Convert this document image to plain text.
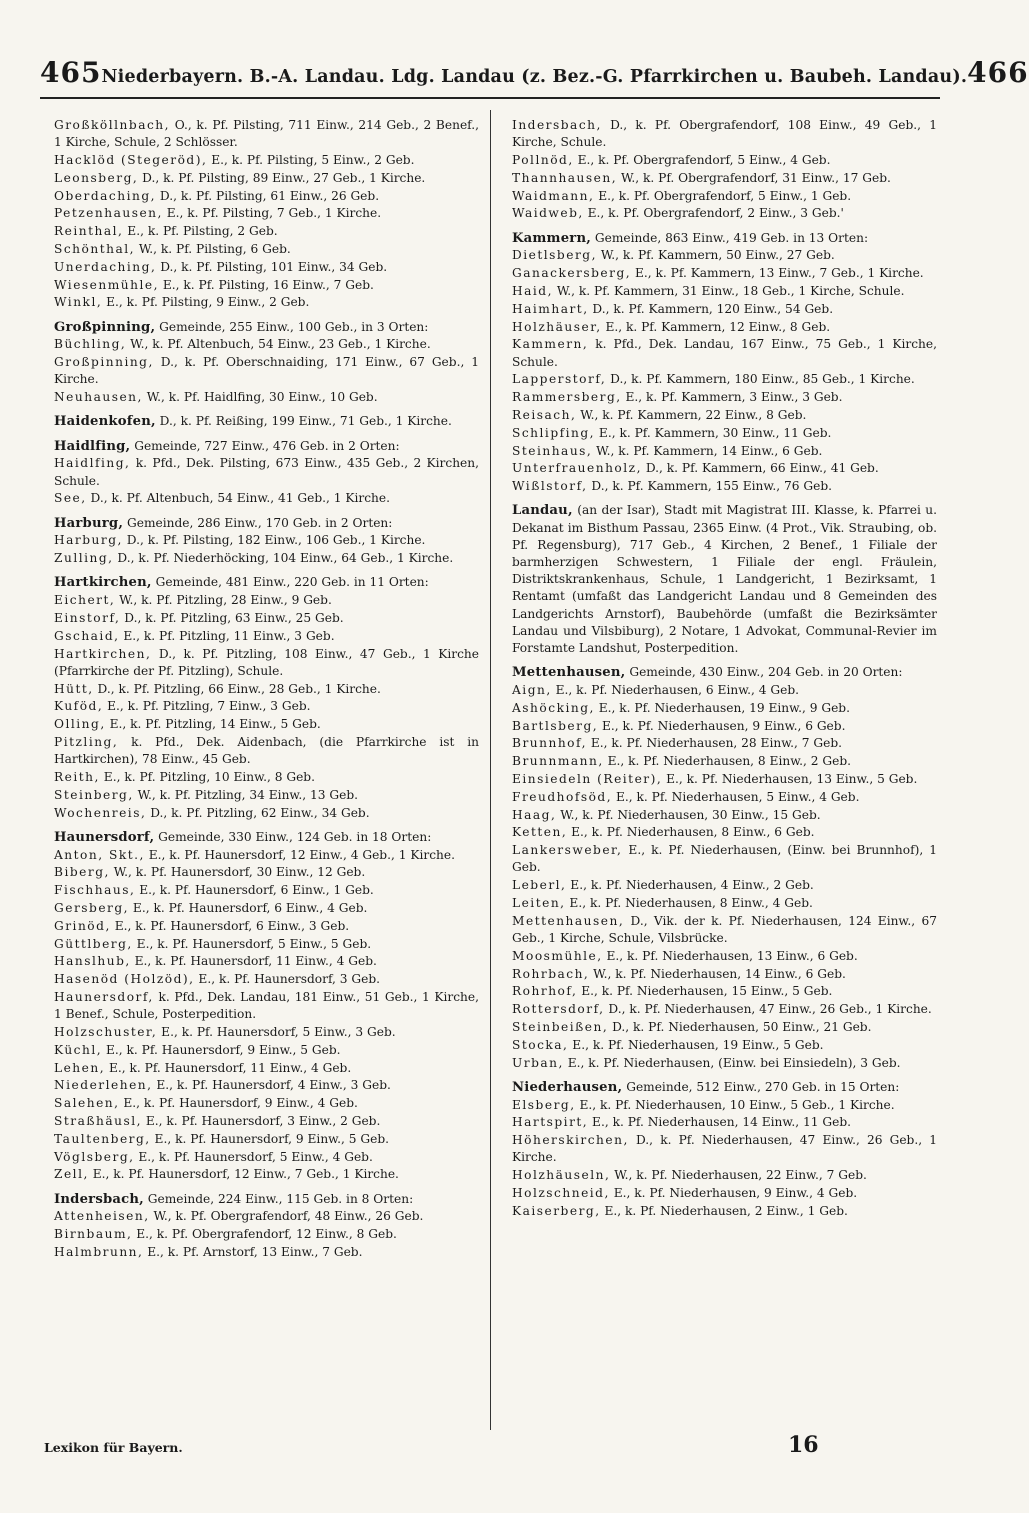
465 Niederbayern. B.-A. Landau. Ldg. Landau (z. Bez.-G. Pfarrkirchen u. Baubeh. Landau). 466

Großköllnbach, O., k. Pf. Pilsting, 711 Einw., 214 Geb., 2 Benef., 1 Kirche, Schule, 2 Schlösser.

Hacklöd (Stegeröd), E., k. Pf. Pilsting, 5 Einw., 2 Geb.

Leonsberg, D., k. Pf. Pilsting, 89 Einw., 27 Geb., 1 Kirche.

Oberdaching, D., k. Pf. Pilsting, 61 Einw., 26 Geb.

Petzenhausen, E., k. Pf. Pilsting, 7 Geb., 1 Kirche.

Reinthal, E., k. Pf. Pilsting, 2 Geb.

Schönthal, W., k. Pf. Pilsting, 6 Geb.

Unerdaching, D., k. Pf. Pilsting, 101 Einw., 34 Geb.

Wiesenmühle, E., k. Pf. Pilsting, 16 Einw., 7 Geb.

Winkl, E., k. Pf. Pilsting, 9 Einw., 2 Geb.

Großpinning, Gemeinde, 255 Einw., 100 Geb., in 3 Orten:

Büchling, W., k. Pf. Altenbuch, 54 Einw., 23 Geb., 1 Kirche.

Großpinning, D., k. Pf. Oberschnaiding, 171 Einw., 67 Geb., 1 Kirche.

Neuhausen, W., k. Pf. Haidlfing, 30 Einw., 10 Geb.

Haidenkofen, D., k. Pf. Reißing, 199 Einw., 71 Geb., 1 Kirche.

Haidlfing, Gemeinde, 727 Einw., 476 Geb. in 2 Orten:

Haidlfing, k. Pfd., Dek. Pilsting, 673 Einw., 435 Geb., 2 Kirchen, Schule.

See, D., k. Pf. Altenbuch, 54 Einw., 41 Geb., 1 Kirche.

Harburg, Gemeinde, 286 Einw., 170 Geb. in 2 Orten:

Harburg, D., k. Pf. Pilsting, 182 Einw., 106 Geb., 1 Kirche.

Zulling, D., k. Pf. Niederhöcking, 104 Einw., 64 Geb., 1 Kirche.

Hartkirchen, Gemeinde, 481 Einw., 220 Geb. in 11 Orten:

Eichert, W., k. Pf. Pitzling, 28 Einw., 9 Geb.

Einstorf, D., k. Pf. Pitzling, 63 Einw., 25 Geb.

Gschaid, E., k. Pf. Pitzling, 11 Einw., 3 Geb.

Hartkirchen, D., k. Pf. Pitzling, 108 Einw., 47 Geb., 1 Kirche (Pfarrkirche der Pf. Pitzling), Schule.

Hütt, D., k. Pf. Pitzling, 66 Einw., 28 Geb., 1 Kirche.

Kuföd, E., k. Pf. Pitzling, 7 Einw., 3 Geb.

Olling, E., k. Pf. Pitzling, 14 Einw., 5 Geb.

Pitzling, k. Pfd., Dek. Aidenbach, (die Pfarrkirche ist in Hartkirchen), 78 Einw., 45 Geb.

Reith, E., k. Pf. Pitzling, 10 Einw., 8 Geb.

Steinberg, W., k. Pf. Pitzling, 34 Einw., 13 Geb.

Wochenreis, D., k. Pf. Pitzling, 62 Einw., 34 Geb.

Haunersdorf, Gemeinde, 330 Einw., 124 Geb. in 18 Orten:

Anton, Skt., E., k. Pf. Haunersdorf, 12 Einw., 4 Geb., 1 Kirche.

Biberg, W., k. Pf. Haunersdorf, 30 Einw., 12 Geb.

Fischhaus, E., k. Pf. Haunersdorf, 6 Einw., 1 Geb.

Gersberg, E., k. Pf. Haunersdorf, 6 Einw., 4 Geb.

Grinöd, E., k. Pf. Haunersdorf, 6 Einw., 3 Geb.

Güttlberg, E., k. Pf. Haunersdorf, 5 Einw., 5 Geb.

Hanslhub, E., k. Pf. Haunersdorf, 11 Einw., 4 Geb.

Hasenöd (Holzöd), E., k. Pf. Haunersdorf, 3 Geb.

Haunersdorf, k. Pfd., Dek. Landau, 181 Einw., 51 Geb., 1 Kirche, 1 Benef., Schule, Posterpedition.

Holzschuster, E., k. Pf. Haunersdorf, 5 Einw., 3 Geb.

Küchl, E., k. Pf. Haunersdorf, 9 Einw., 5 Geb.

Lehen, E., k. Pf. Haunersdorf, 11 Einw., 4 Geb.

Niederlehen, E., k. Pf. Haunersdorf, 4 Einw., 3 Geb.

Salehen, E., k. Pf. Haunersdorf, 9 Einw., 4 Geb.

Straßhäusl, E., k. Pf. Haunersdorf, 3 Einw., 2 Geb.

Taultenberg, E., k. Pf. Haunersdorf, 9 Einw., 5 Geb.

Vöglsberg, E., k. Pf. Haunersdorf, 5 Einw., 4 Geb.

Zell, E., k. Pf. Haunersdorf, 12 Einw., 7 Geb., 1 Kirche.

Indersbach, Gemeinde, 224 Einw., 115 Geb. in 8 Orten:

Attenheisen, W., k. Pf. Obergrafendorf, 48 Einw., 26 Geb.

Birnbaum, E., k. Pf. Obergrafendorf, 12 Einw., 8 Geb.

Halmbrunn, E., k. Pf. Arnstorf, 13 Einw., 7 Geb.

Indersbach, D., k. Pf. Obergrafendorf, 108 Einw., 49 Geb., 1 Kirche, Schule.

Pollnöd, E., k. Pf. Obergrafendorf, 5 Einw., 4 Geb.

Thannhausen, W., k. Pf. Obergrafendorf, 31 Einw., 17 Geb.

Waidmann, E., k. Pf. Obergrafendorf, 5 Einw., 1 Geb.

Waidweb, E., k. Pf. Obergrafendorf, 2 Einw., 3 Geb.'

Kammern, Gemeinde, 863 Einw., 419 Geb. in 13 Orten:

Dietlsberg, W., k. Pf. Kammern, 50 Einw., 27 Geb.

Ganackersberg, E., k. Pf. Kammern, 13 Einw., 7 Geb., 1 Kirche.

Haid, W., k. Pf. Kammern, 31 Einw., 18 Geb., 1 Kirche, Schule.

Haimhart, D., k. Pf. Kammern, 120 Einw., 54 Geb.

Holzhäuser, E., k. Pf. Kammern, 12 Einw., 8 Geb.

Kammern, k. Pfd., Dek. Landau, 167 Einw., 75 Geb., 1 Kirche, Schule.

Lapperstorf, D., k. Pf. Kammern, 180 Einw., 85 Geb., 1 Kirche.

Rammersberg, E., k. Pf. Kammern, 3 Einw., 3 Geb.

Reisach, W., k. Pf. Kammern, 22 Einw., 8 Geb.

Schlipfing, E., k. Pf. Kammern, 30 Einw., 11 Geb.

Steinhaus, W., k. Pf. Kammern, 14 Einw., 6 Geb.

Unterfrauenholz, D., k. Pf. Kammern, 66 Einw., 41 Geb.

Wißlstorf, D., k. Pf. Kammern, 155 Einw., 76 Geb.

Landau, (an der Isar), Stadt mit Magistrat III. Klasse, k. Pfarrei u. Dekanat im Bisthum Passau, 2365 Einw. (4 Prot., Vik. Straubing, ob. Pf. Regensburg), 717 Geb., 4 Kirchen, 2 Benef., 1 Filiale der barmherzigen Schwestern, 1 Filiale der engl. Fräulein, Distriktskrankenhaus, Schule, 1 Landgericht, 1 Bezirksamt, 1 Rentamt (umfaßt das Landgericht Landau und 8 Gemeinden des Landgerichts Arnstorf), Baubehörde (umfaßt die Bezirksämter Landau und Vilsbiburg), 2 Notare, 1 Advokat, Communal-Revier im Forstamte Landshut, Posterpedition.

Mettenhausen, Gemeinde, 430 Einw., 204 Geb. in 20 Orten:

Aign, E., k. Pf. Niederhausen, 6 Einw., 4 Geb.

Ashöcking, E., k. Pf. Niederhausen, 19 Einw., 9 Geb.

Bartlsberg, E., k. Pf. Niederhausen, 9 Einw., 6 Geb.

Brunnhof, E., k. Pf. Niederhausen, 28 Einw., 7 Geb.

Brunnmann, E., k. Pf. Niederhausen, 8 Einw., 2 Geb.

Einsiedeln (Reiter), E., k. Pf. Niederhausen, 13 Einw., 5 Geb.

Freudhofsöd, E., k. Pf. Niederhausen, 5 Einw., 4 Geb.

Haag, W., k. Pf. Niederhausen, 30 Einw., 15 Geb.

Ketten, E., k. Pf. Niederhausen, 8 Einw., 6 Geb.

Lankersweber, E., k. Pf. Niederhausen, (Einw. bei Brunnhof), 1 Geb.

Leberl, E., k. Pf. Niederhausen, 4 Einw., 2 Geb.

Leiten, E., k. Pf. Niederhausen, 8 Einw., 4 Geb.

Mettenhausen, D., Vik. der k. Pf. Niederhausen, 124 Einw., 67 Geb., 1 Kirche, Schule, Vilsbrücke.

Moosmühle, E., k. Pf. Niederhausen, 13 Einw., 6 Geb.

Rohrbach, W., k. Pf. Niederhausen, 14 Einw., 6 Geb.

Rohrhof, E., k. Pf. Niederhausen, 15 Einw., 5 Geb.

Rottersdorf, D., k. Pf. Niederhausen, 47 Einw., 26 Geb., 1 Kirche.

Steinbeißen, D., k. Pf. Niederhausen, 50 Einw., 21 Geb.

Stocka, E., k. Pf. Niederhausen, 19 Einw., 5 Geb.

Urban, E., k. Pf. Niederhausen, (Einw. bei Einsiedeln), 3 Geb.

Niederhausen, Gemeinde, 512 Einw., 270 Geb. in 15 Orten:

Elsberg, E., k. Pf. Niederhausen, 10 Einw., 5 Geb., 1 Kirche.

Hartspirt, E., k. Pf. Niederhausen, 14 Einw., 11 Geb.

Höherskirchen, D., k. Pf. Niederhausen, 47 Einw., 26 Geb., 1 Kirche.

Holzhäuseln, W., k. Pf. Niederhausen, 22 Einw., 7 Geb.

Holzschneid, E., k. Pf. Niederhausen, 9 Einw., 4 Geb.

Kaiserberg, E., k. Pf. Niederhausen, 2 Einw., 1 Geb.

Lexikon für Bayern.	16
